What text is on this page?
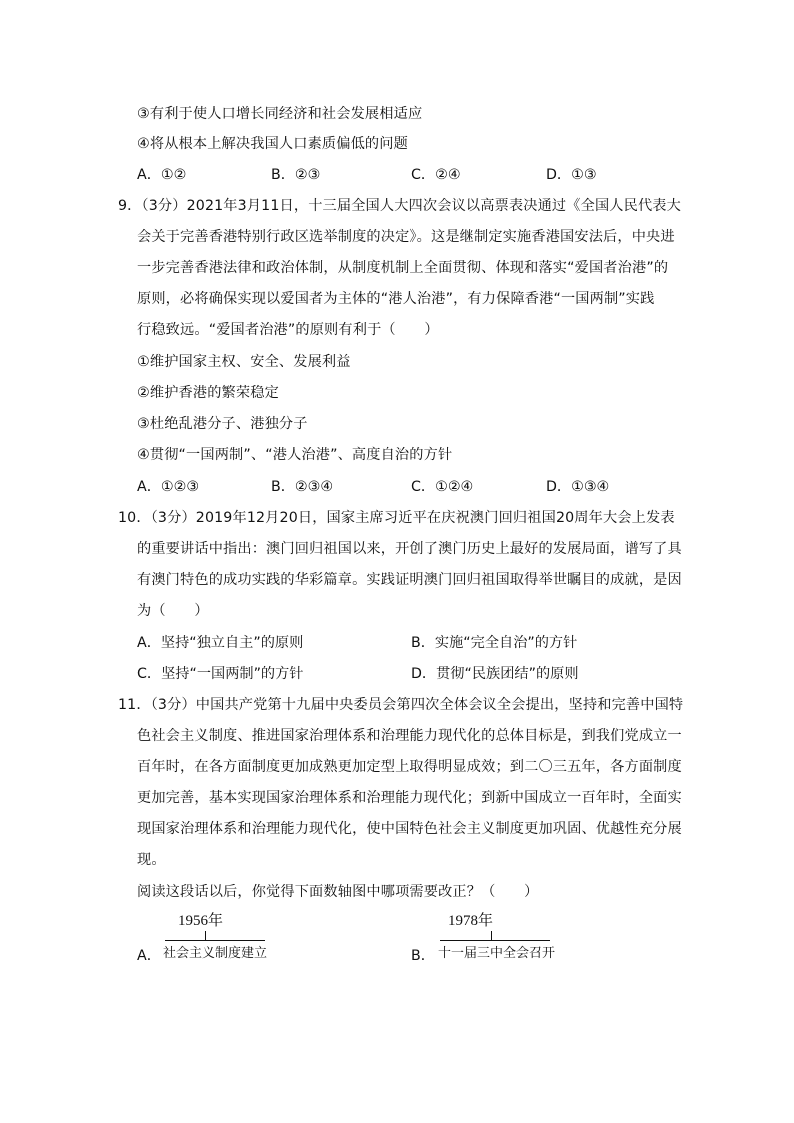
③有利于使人口增长同经济和社会发展相适应
④将从根本上解决我国人口素质偏低的问题
A．①②	B．②③	C．②④	D．①③
9．（3分）2021年3月11日，十三届全国人大四次会议以高票表决通过《全国人民代表大
会关于完善香港特别行政区选举制度的决定》。这是继制定实施香港国安法后，中央进
一步完善香港法律和政治体制，从制度机制上全面贯彻、体现和落实“爱国者治港”的
原则，必将确保实现以爱国者为主体的“港人治港”，有力保障香港“一国两制”实践
行稳致远。“爱国者治港”的原则有利于（　　）
①维护国家主权、安全、发展利益
②维护香港的繁荣稳定
③杜绝乱港分子、港独分子
④贯彻“一国两制”、“港人治港”、高度自治的方针
A．①②③	B．②③④	C．①②④	D．①③④
10．（3分）2019年12月20日，国家主席习近平在庆祝澳门回归祖国20周年大会上发表
的重要讲话中指出：澳门回归祖国以来，开创了澳门历史上最好的发展局面，谱写了具
有澳门特色的成功实践的华彩篇章。实践证明澳门回归祖国取得举世瞩目的成就，是因
为（　　）
A．坚持“独立自主”的原则	B．实施“完全自治”的方针
C．坚持“一国两制”的方针	D．贯彻“民族团结”的原则
11．（3分）中国共产党第十九届中央委员会第四次全体会议全会提出，坚持和完善中国特
色社会主义制度、推进国家治理体系和治理能力现代化的总体目标是，到我们党成立一
百年时，在各方面制度更加成熟更加定型上取得明显成效；到二〇三五年，各方面制度
更加完善，基本实现国家治理体系和治理能力现代化；到新中国成立一百年时，全面实
现国家治理体系和治理能力现代化，使中国特色社会主义制度更加巩固、优越性充分展
现。
阅读这段话以后，你觉得下面数轴图中哪项需要改正？（　　）
A．
1956年
社会主义制度建立	B．
1978年
十一届三中全会召开
